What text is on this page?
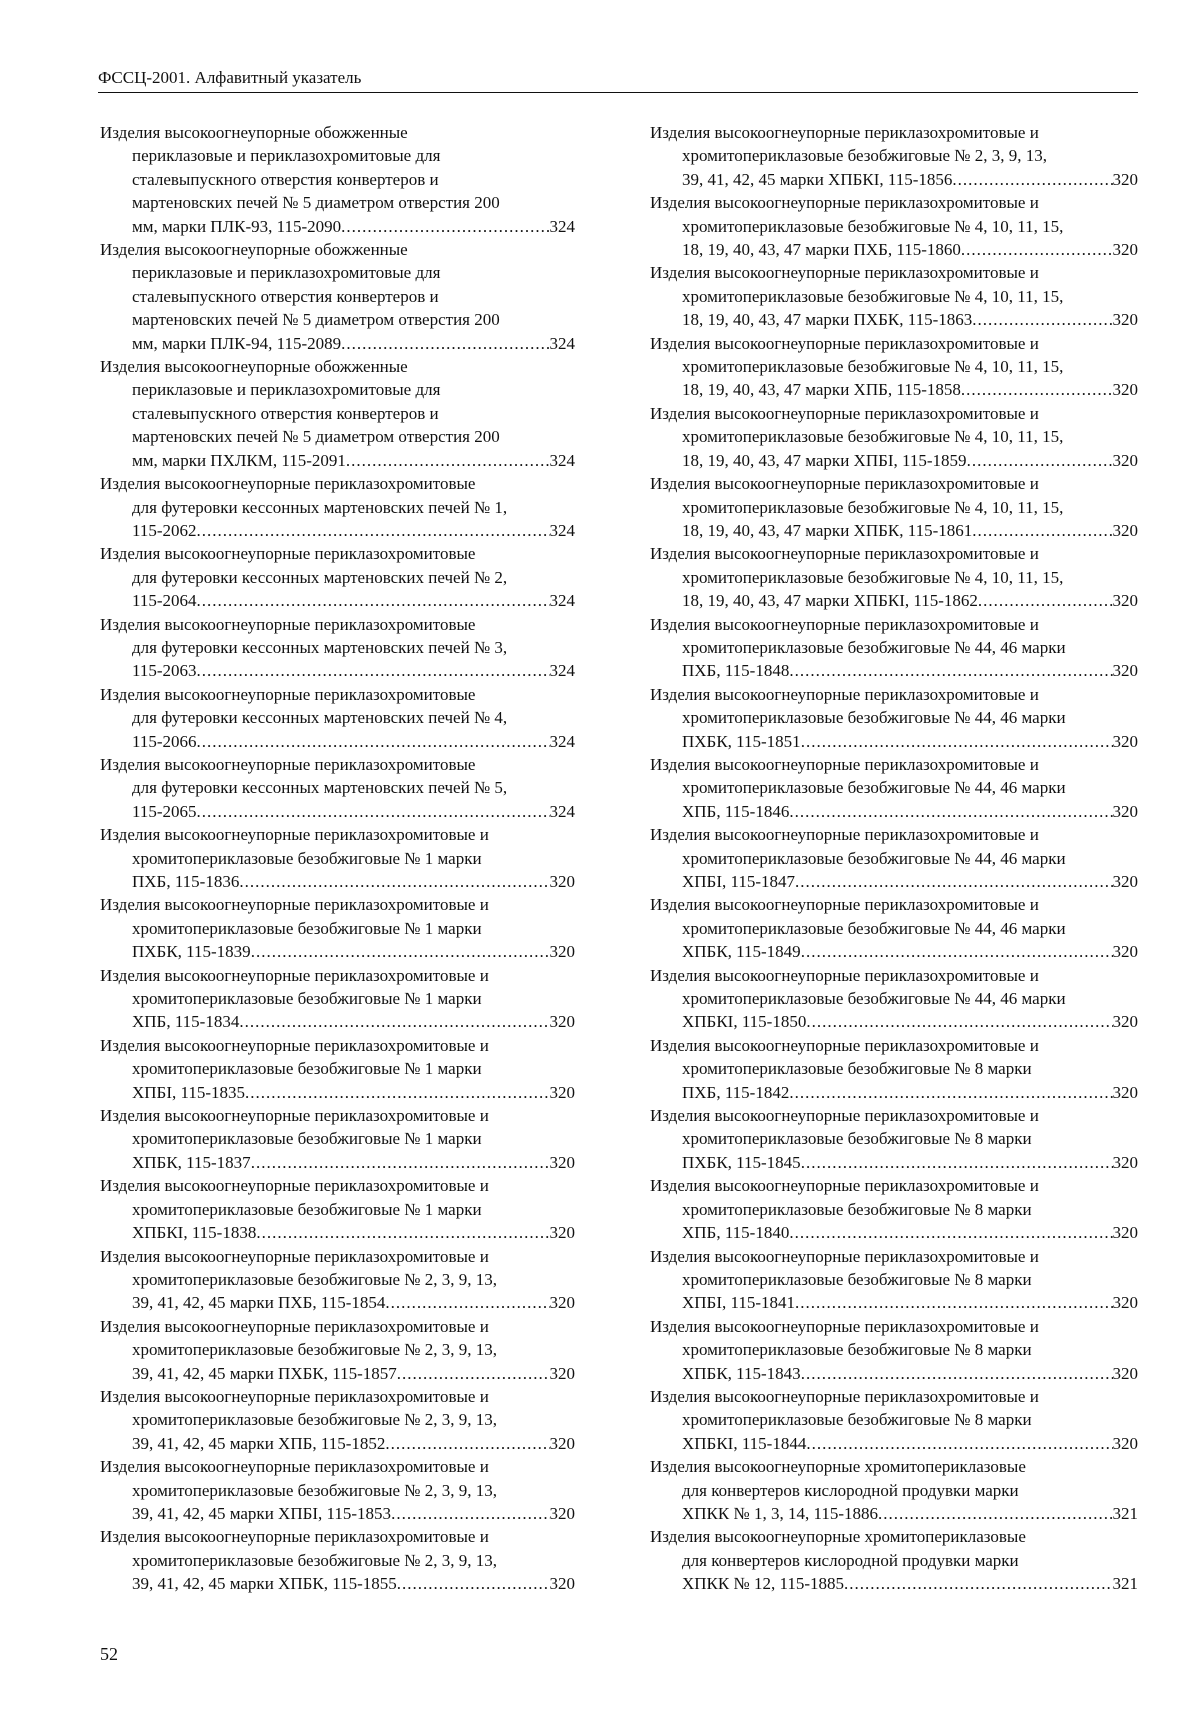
ФССЦ-2001. Алфавитный указатель
Изделия высокоогнеупорные обожженные
периклазовые и периклазохромитовые для
сталевыпускного отверстия конвертеров и
мартеновских печей № 5 диаметром отверстия 200
мм, марки ПЛК-93, 115-2090 .....	324
Изделия высокоогнеупорные обожженные
периклазовые и периклазохромитовые для
сталевыпускного отверстия конвертеров и
мартеновских печей № 5 диаметром отверстия 200
мм, марки ПЛК-94, 115-2089 .....	324
Изделия высокоогнеупорные обожженные
периклазовые и периклазохромитовые для
сталевыпускного отверстия конвертеров и
мартеновских печей № 5 диаметром отверстия 200
мм, марки ПХЛКМ, 115-2091 .....	324
Изделия высокоогнеупорные периклазохромитовые
для футеровки кессонных мартеновских печей № 1,
115-2062 .....	324
Изделия высокоогнеупорные периклазохромитовые
для футеровки кессонных мартеновских печей № 2,
115-2064 .....	324
Изделия высокоогнеупорные периклазохромитовые
для футеровки кессонных мартеновских печей № 3,
115-2063 .....	324
Изделия высокоогнеупорные периклазохромитовые
для футеровки кессонных мартеновских печей № 4,
115-2066 .....	324
Изделия высокоогнеупорные периклазохромитовые
для футеровки кессонных мартеновских печей № 5,
115-2065 .....	324
Изделия высокоогнеупорные периклазохромитовые и
хромитопериклазовые безобжиговые № 1 марки
ПХБ, 115-1836 .....	320
Изделия высокоогнеупорные периклазохромитовые и
хромитопериклазовые безобжиговые № 1 марки
ПХБК, 115-1839 .....	320
Изделия высокоогнеупорные периклазохромитовые и
хромитопериклазовые безобжиговые № 1 марки
ХПБ, 115-1834 .....	320
Изделия высокоогнеупорные периклазохромитовые и
хромитопериклазовые безобжиговые № 1 марки
ХПБІ, 115-1835 .....	320
Изделия высокоогнеупорные периклазохромитовые и
хромитопериклазовые безобжиговые № 1 марки
ХПБК, 115-1837 .....	320
Изделия высокоогнеупорные периклазохромитовые и
хромитопериклазовые безобжиговые № 1 марки
ХПБКІ, 115-1838 .....	320
Изделия высокоогнеупорные периклазохромитовые и
хромитопериклазовые безобжиговые № 2, 3, 9, 13,
39, 41, 42, 45 марки ПХБ, 115-1854 .....	320
Изделия высокоогнеупорные периклазохромитовые и
хромитопериклазовые безобжиговые № 2, 3, 9, 13,
39, 41, 42, 45 марки ПХБК, 115-1857 .....	320
Изделия высокоогнеупорные периклазохромитовые и
хромитопериклазовые безобжиговые № 2, 3, 9, 13,
39, 41, 42, 45 марки ХПБ, 115-1852 .....	320
Изделия высокоогнеупорные периклазохромитовые и
хромитопериклазовые безобжиговые № 2, 3, 9, 13,
39, 41, 42, 45 марки ХПБІ, 115-1853 .....	320
Изделия высокоогнеупорные периклазохромитовые и
хромитопериклазовые безобжиговые № 2, 3, 9, 13,
39, 41, 42, 45 марки ХПБК, 115-1855 .....	320
Изделия высокоогнеупорные периклазохромитовые и
хромитопериклазовые безобжиговые № 2, 3, 9, 13,
39, 41, 42, 45 марки ХПБКІ, 115-1856 .....	320
Изделия высокоогнеупорные периклазохромитовые и
хромитопериклазовые безобжиговые № 4, 10, 11, 15,
18, 19, 40, 43, 47 марки ПХБ, 115-1860 .....	320
Изделия высокоогнеупорные периклазохромитовые и
хромитопериклазовые безобжиговые № 4, 10, 11, 15,
18, 19, 40, 43, 47 марки ПХБК, 115-1863 .....	320
Изделия высокоогнеупорные периклазохромитовые и
хромитопериклазовые безобжиговые № 4, 10, 11, 15,
18, 19, 40, 43, 47 марки ХПБ, 115-1858 .....	320
Изделия высокоогнеупорные периклазохромитовые и
хромитопериклазовые безобжиговые № 4, 10, 11, 15,
18, 19, 40, 43, 47 марки ХПБІ, 115-1859 .....	320
Изделия высокоогнеупорные периклазохромитовые и
хромитопериклазовые безобжиговые № 4, 10, 11, 15,
18, 19, 40, 43, 47 марки ХПБК, 115-1861 .....	320
Изделия высокоогнеупорные периклазохромитовые и
хромитопериклазовые безобжиговые № 4, 10, 11, 15,
18, 19, 40, 43, 47 марки ХПБКІ, 115-1862 .....	320
Изделия высокоогнеупорные периклазохромитовые и
хромитопериклазовые безобжиговые № 44, 46 марки
ПХБ, 115-1848 .....	320
Изделия высокоогнеупорные периклазохромитовые и
хромитопериклазовые безобжиговые № 44, 46 марки
ПХБК, 115-1851 .....	320
Изделия высокоогнеупорные периклазохромитовые и
хромитопериклазовые безобжиговые № 44, 46 марки
ХПБ, 115-1846 .....	320
Изделия высокоогнеупорные периклазохромитовые и
хромитопериклазовые безобжиговые № 44, 46 марки
ХПБІ, 115-1847 .....	320
Изделия высокоогнеупорные периклазохромитовые и
хромитопериклазовые безобжиговые № 44, 46 марки
ХПБК, 115-1849 .....	320
Изделия высокоогнеупорные периклазохромитовые и
хромитопериклазовые безобжиговые № 44, 46 марки
ХПБКІ, 115-1850 .....	320
Изделия высокоогнеупорные периклазохромитовые и
хромитопериклазовые безобжиговые № 8 марки
ПХБ, 115-1842 .....	320
Изделия высокоогнеупорные периклазохромитовые и
хромитопериклазовые безобжиговые № 8 марки
ПХБК, 115-1845 .....	320
Изделия высокоогнеупорные периклазохромитовые и
хромитопериклазовые безобжиговые № 8 марки
ХПБ, 115-1840 .....	320
Изделия высокоогнеупорные периклазохромитовые и
хромитопериклазовые безобжиговые № 8 марки
ХПБІ, 115-1841 .....	320
Изделия высокоогнеупорные периклазохромитовые и
хромитопериклазовые безобжиговые № 8 марки
ХПБК, 115-1843 .....	320
Изделия высокоогнеупорные периклазохромитовые и
хромитопериклазовые безобжиговые № 8 марки
ХПБКІ, 115-1844 .....	320
Изделия высокоогнеупорные хромитопериклазовые
для конвертеров кислородной продувки марки
ХПКК № 1, 3, 14, 115-1886 .....	321
Изделия высокоогнеупорные хромитопериклазовые
для конвертеров кислородной продувки марки
ХПКК № 12, 115-1885 .....	321
52
